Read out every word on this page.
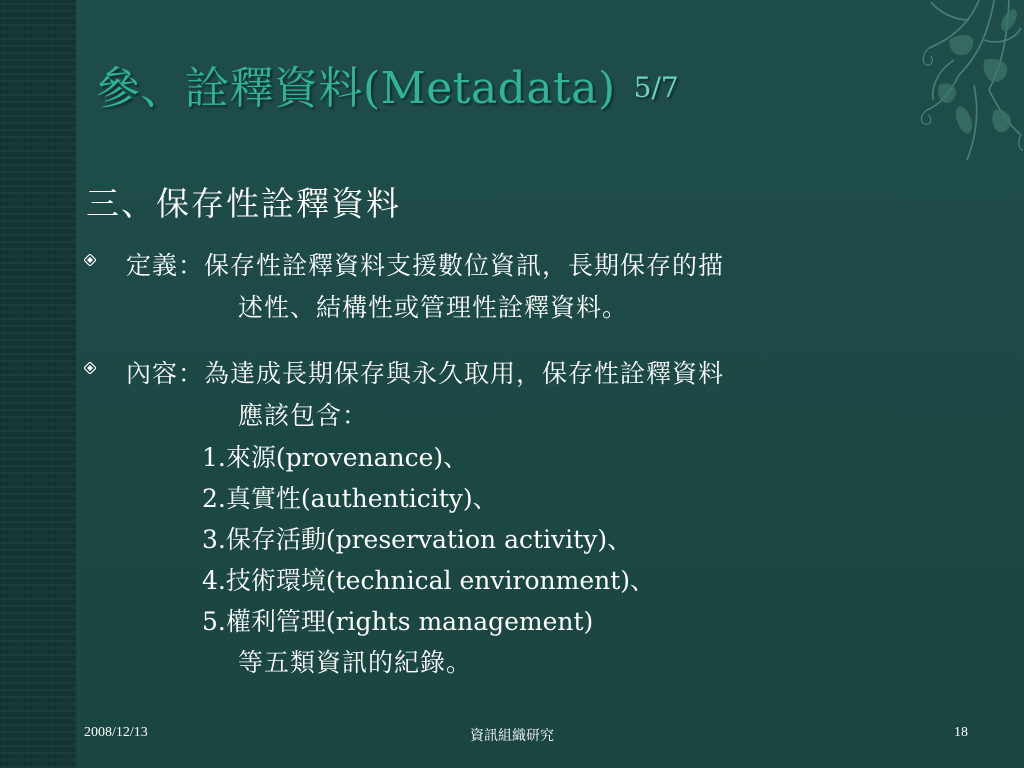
參、詮釋資料(Metadata) 5/7
三、保存性詮釋資料
定義：保存性詮釋資料支援數位資訊，長期保存的描
述性、結構性或管理性詮釋資料。
內容：為達成長期保存與永久取用，保存性詮釋資料
應該包含：
1.來源(provenance)、
2.真實性(authenticity)、
3.保存活動(preservation activity)、
4.技術環境(technical environment)、
5.權利管理(rights management)
等五類資訊的紀錄。
2008/12/13	資訊組織研究	18
